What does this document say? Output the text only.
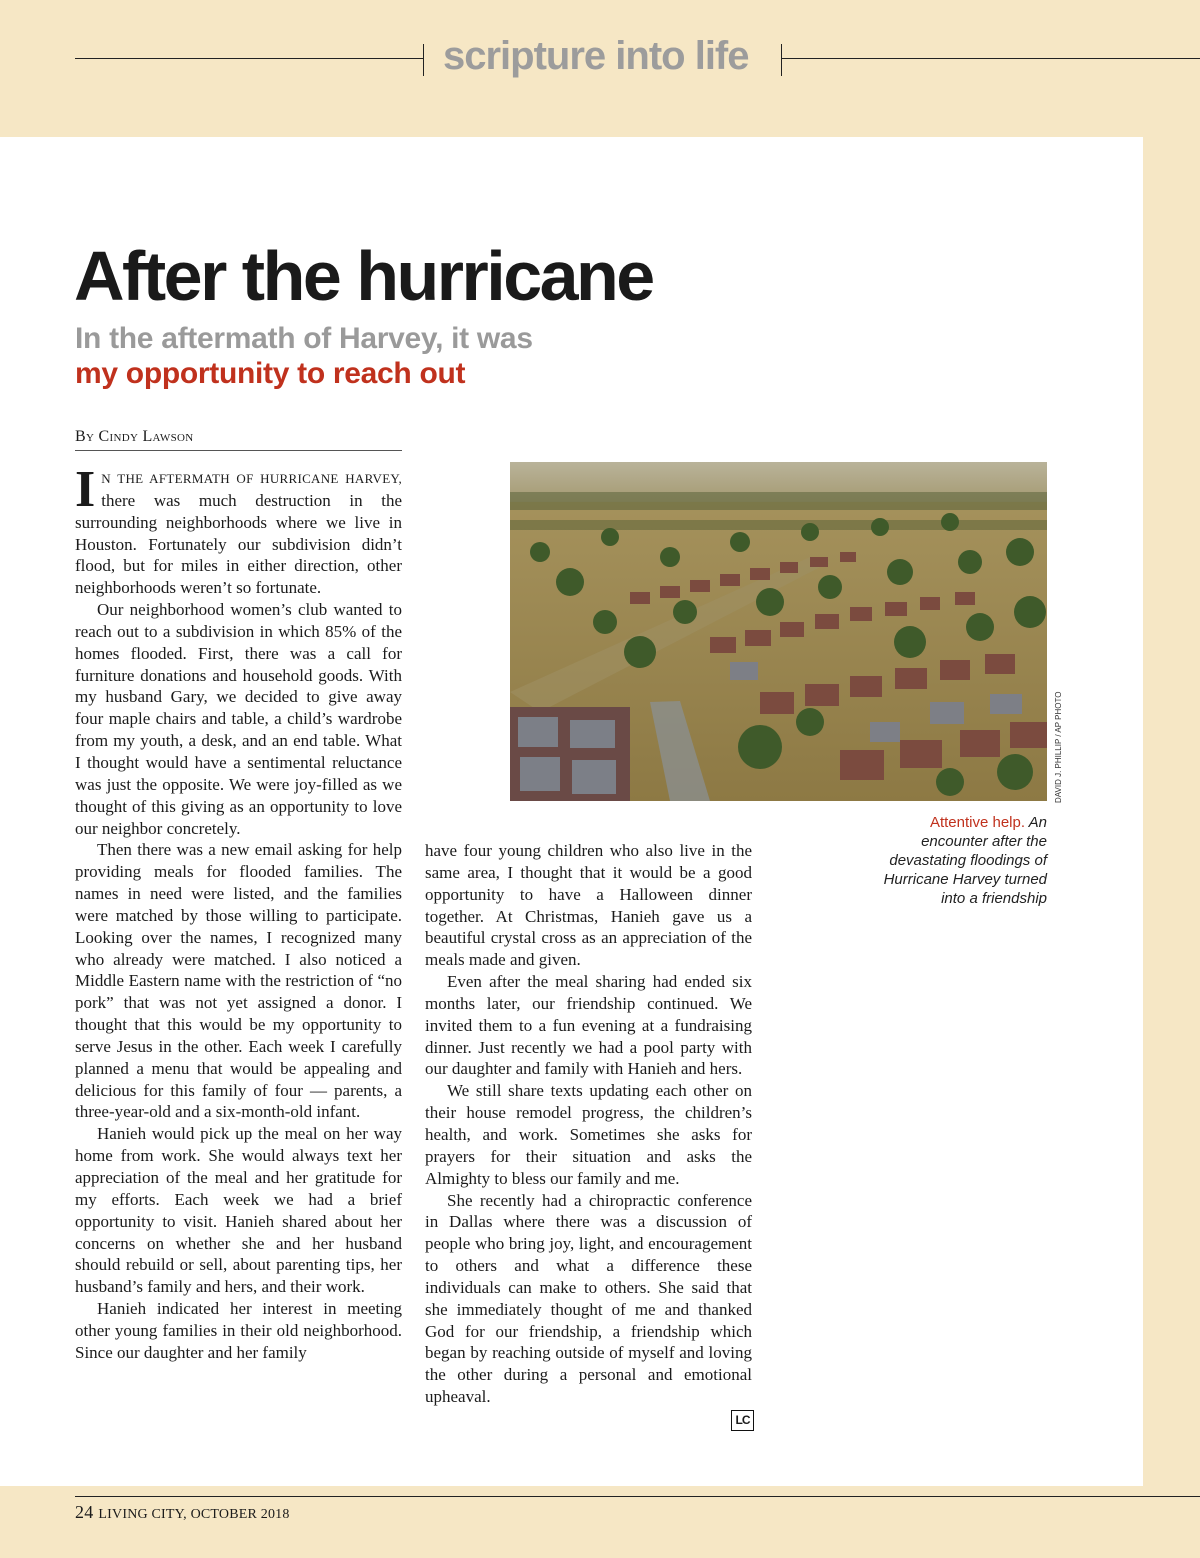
scripture into life
After the hurricane
In the aftermath of Harvey, it was
my opportunity to reach out
By Cindy Lawson

I N THE AFTERMATH OF HURRICANE HARVEY, there was much destruction in the surrounding neighborhoods where we live in Houston. Fortunately our subdivision didn’t flood, but for miles in either direction, other neighborhoods weren’t so fortunate.

Our neighborhood women’s club wanted to reach out to a subdivision in which 85% of the homes flooded. First, there was a call for furniture donations and household goods. With my husband Gary, we decided to give away four maple chairs and table, a child’s wardrobe from my youth, a desk, and an end table. What I thought would have a sentimental reluctance was just the opposite. We were joy-filled as we thought of this giving as an opportunity to love our neighbor concretely.

Then there was a new email asking for help providing meals for flooded families. The names in need were listed, and the families were matched by those willing to participate. Looking over the names, I recognized many who already were matched. I also noticed a Middle Eastern name with the restriction of “no pork” that was not yet assigned a donor. I thought that this would be my opportunity to serve Jesus in the other. Each week I carefully planned a menu that would be appealing and delicious for this family of four — parents, a three-year-old and a six-month-old infant.

Hanieh would pick up the meal on her way home from work. She would always text her appreciation of the meal and her gratitude for my efforts. Each week we had a brief opportunity to visit. Hanieh shared about her concerns on whether she and her husband should rebuild or sell, about parenting tips, her husband’s family and hers, and their work.

Hanieh indicated her interest in meeting other young families in their old neighborhood. Since our daughter and her family

have four young children who also live in the same area, I thought that it would be a good opportunity to have a Halloween dinner together. At Christmas, Hanieh gave us a beautiful crystal cross as an appreciation of the meals made and given.

Even after the meal sharing had ended six months later, our friendship continued. We invited them to a fun evening at a fundraising dinner. Just recently we had a pool party with our daughter and family with Hanieh and hers.

We still share texts updating each other on their house remodel progress, the children’s health, and work. Sometimes she asks for prayers for their situation and asks the Almighty to bless our family and me.

She recently had a chiropractic conference in Dallas where there was a discussion of people who bring joy, light, and encouragement to others and what a difference these individuals can make to others. She said that she immediately thought of me and thanked God for our friendship, a friendship which began by reaching outside of myself and loving the other during a personal and emotional upheaval.

LC
DAVID J. PHILLIP / AP PHOTO
Attentive help. An encounter after the devastating floodings of Hurricane Harvey turned into a friendship
24 LIVING CITY, OCTOBER 2018
